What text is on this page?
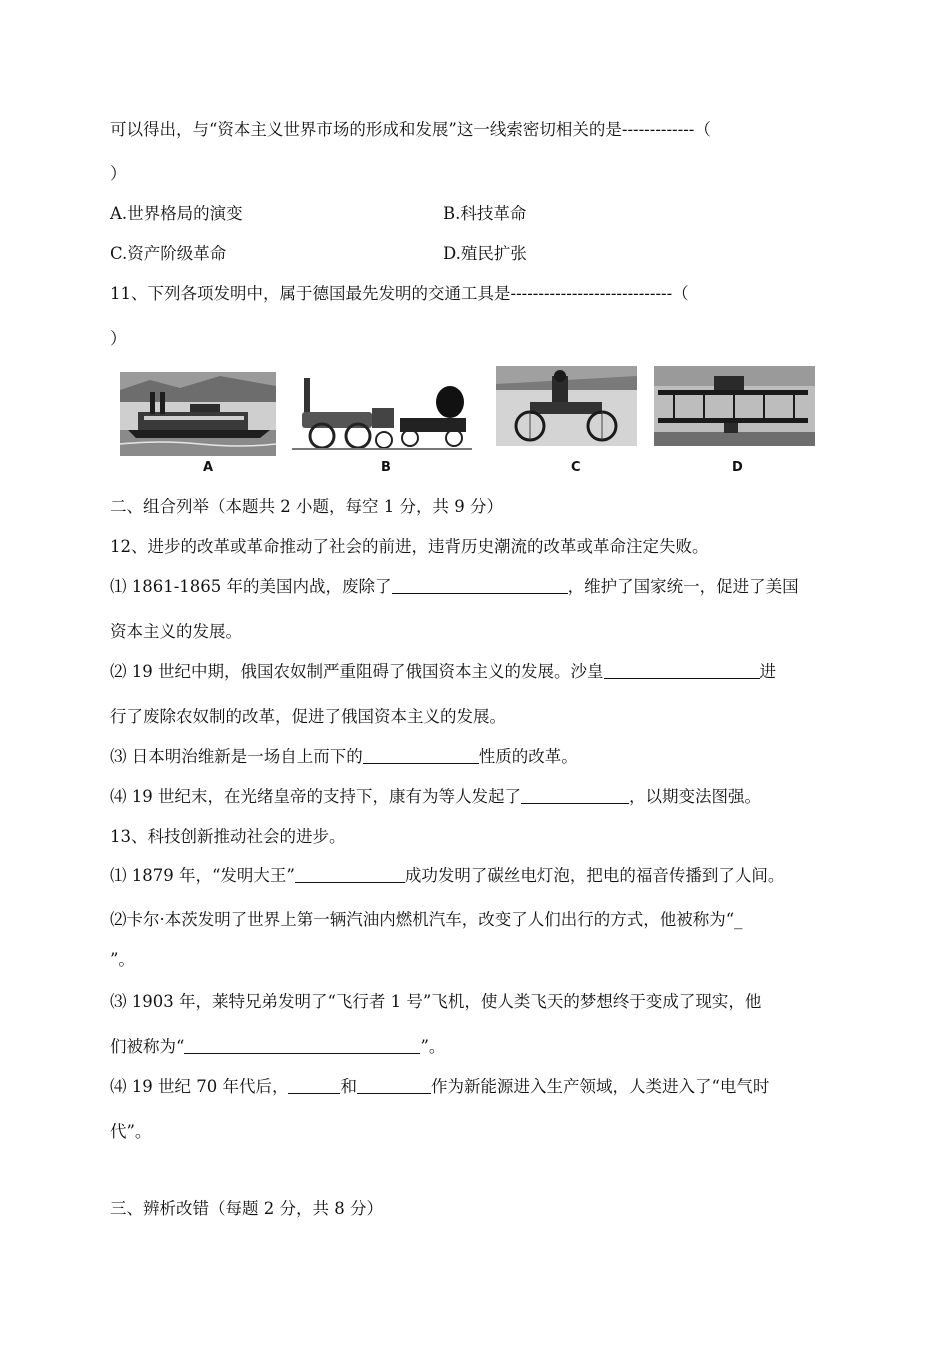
可以得出，与“资本主义世界市场的形成和发展”这一线索密切相关的是-------------（
）
A.世界格局的演变	B.科技革命
C.资产阶级革命	D.殖民扩张
11、下列各项发明中，属于德国最先发明的交通工具是-----------------------------（
）
A	B	C	D
二、组合列举（本题共 2 小题，每空 1 分，共 9 分）
12、进步的改革或革命推动了社会的前进，违背历史潮流的改革或革命注定失败。
⑴ 1861-1865 年的美国内战，废除了	，维护了国家统一，促进了美国
资本主义的发展。
⑵ 19 世纪中期，俄国农奴制严重阻碍了俄国资本主义的发展。沙皇	进
行了废除农奴制的改革，促进了俄国资本主义的发展。
⑶ 日本明治维新是一场自上而下的	性质的改革。
⑷ 19 世纪末，在光绪皇帝的支持下，康有为等人发起了	，以期变法图强。
13、科技创新推动社会的进步。
⑴ 1879 年，“发明大王”	成功发明了碳丝电灯泡，把电的福音传播到了人间。
⑵卡尔·本茨发明了世界上第一辆汽油内燃机汽车，改变了人们出行的方式，他被称为“_
”。
⑶ 1903 年，莱特兄弟发明了“飞行者 1 号”飞机，使人类飞天的梦想终于变成了现实，他
们被称为“	”。
⑷ 19 世纪 70 年代后，	和	作为新能源进入生产领域，人类进入了“电气时
代”。
三、辨析改错（每题 2 分，共 8 分）
